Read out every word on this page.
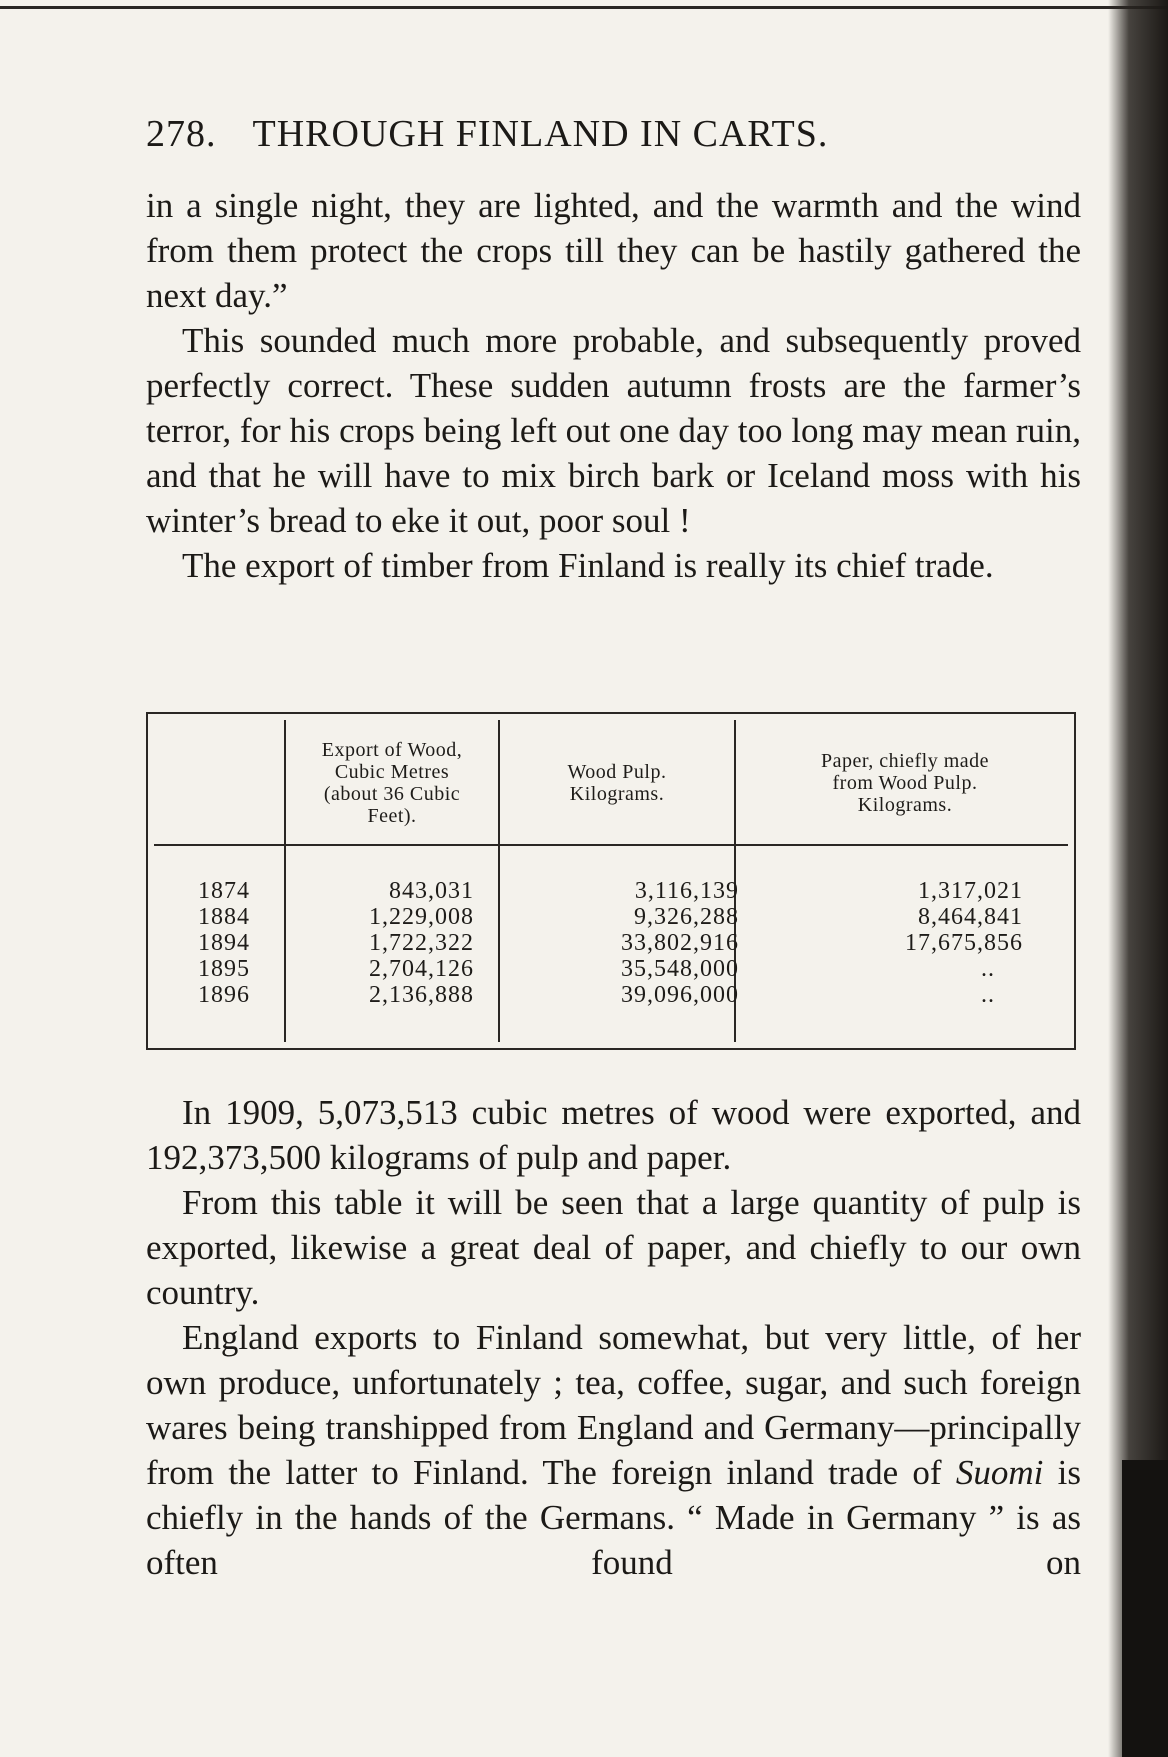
278. THROUGH FINLAND IN CARTS.

in a single night, they are lighted, and the warmth and the wind from them protect the crops till they can be hastily gathered the next day.”

This sounded much more probable, and subsequently proved perfectly correct. These sudden autumn frosts are the farmer’s terror, for his crops being left out one day too long may mean ruin, and that he will have to mix birch bark or Iceland moss with his winter’s bread to eke it out, poor soul !

The export of timber from Finland is really its chief trade.

Export of Wood,
Cubic Metres
(about 36 Cubic
Feet).
Wood Pulp.
Kilograms.
Paper, chiefly made
from Wood Pulp.
Kilograms.
1874
1884
1894
1895
1896
843,031
1,229,008
1,722,322
2,704,126
2,136,888
3,116,139
9,326,288
33,802,916
35,548,000
39,096,000
1,317,021
8,464,841
17,675,856
..
..

In 1909, 5,073,513 cubic metres of wood were exported, and 192,373,500 kilograms of pulp and paper.

From this table it will be seen that a large quantity of pulp is exported, likewise a great deal of paper, and chiefly to our own country.

England exports to Finland somewhat, but very little, of her own produce, unfortunately ; tea, coffee, sugar, and such foreign wares being transhipped from England and Germany—principally from the latter to Finland. The foreign inland trade of Suomi is chiefly in the hands of the Germans. “ Made in Germany ” is as often found on
